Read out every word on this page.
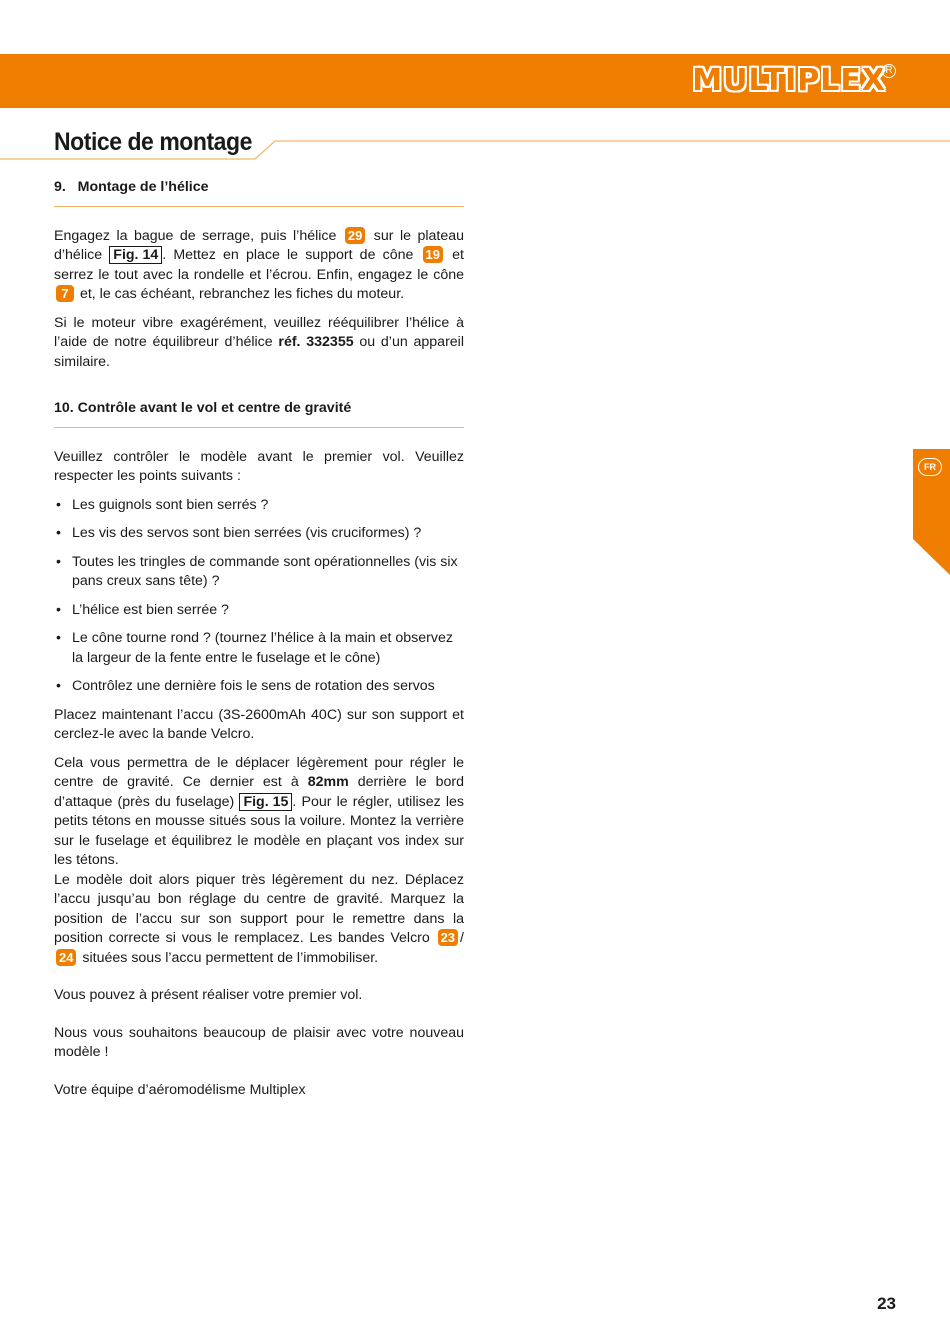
MULTIPLEX R
Notice de montage
9.   Montage de l’hélice

Engagez la bague de serrage, puis l’hélice 29 sur le plateau d’hélice Fig. 14 . Mettez en place le support de cône 19 et serrez le tout avec la rondelle et l’écrou. Enfin, engagez le cône 7 et, le cas échéant, rebranchez les fiches du moteur.

Si le moteur vibre exagérément, veuillez rééquilibrer l’hélice à l’aide de notre équilibreur d’hélice réf. 332355 ou d’un appareil similaire.

10. Contrôle avant le vol et centre de gravité

Veuillez contrôler le modèle avant le premier vol. Veuillez respecter les points suivants :

• Les guignols sont bien serrés ?
• Les vis des servos sont bien serrées (vis cruciformes) ?
• Toutes les tringles de commande sont opérationnelles (vis six pans creux sans tête) ?
• L’hélice est bien serrée ?
• Le cône tourne rond ? (tournez l’hélice à la main et observez la largeur de la fente entre le fuselage et le cône)
• Contrôlez une dernière fois le sens de rotation des servos

Placez maintenant l’accu (3S-2600mAh 40C) sur son support et cerclez-le avec la bande Velcro.

Cela vous permettra de le déplacer légèrement pour régler le centre de gravité. Ce dernier est à 82mm derrière le bord d’attaque (près du fuselage) Fig. 15 . Pour le régler, utilisez les petits tétons en mousse situés sous la voilure. Montez la verrière sur le fuselage et équilibrez le modèle en plaçant vos index sur les tétons.

Le modèle doit alors piquer très légèrement du nez. Déplacez l’accu jusqu’au bon réglage du centre de gravité. Marquez la position de l’accu sur son support pour le remettre dans la position correcte si vous le remplacez. Les bandes Velcro 23 /24 situées sous l’accu permettent de l’immobiliser.

Vous pouvez à présent réaliser votre premier vol.

Nous vous souhaitons beaucoup de plaisir avec votre nouveau modèle !

Votre équipe d’aéromodélisme Multiplex

FR
23
